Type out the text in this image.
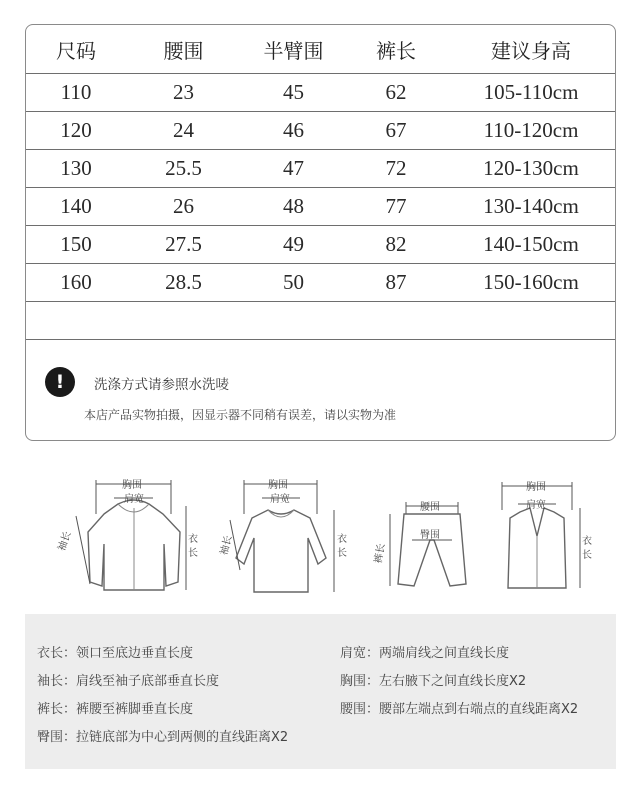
尺码	腰围	半臂围	裤长	建议身高
110	23	45	62	105-110cm
120	24	46	67	110-120cm
130	25.5	47	72	120-130cm
140	26	48	77	130-140cm
150	27.5	49	82	140-150cm
160	28.5	50	87	150-160cm
!	洗涤方式请参照水洗唛
本店产品实物拍摄，因显示器不同稍有误差，请以实物为准
胸围
肩宽
袖长	衣
长
胸围
肩宽
袖长	衣
长
腰围
臀围
裤长
胸围
肩宽
衣
长
衣长：领口至底边垂直长度
袖长：肩线至袖子底部垂直长度
裤长：裤腰至裤脚垂直长度
臀围：拉链底部为中心到两侧的直线距离X2
肩宽：两端肩线之间直线长度
胸围：左右腋下之间直线长度X2
腰围：腰部左端点到右端点的直线距离X2
